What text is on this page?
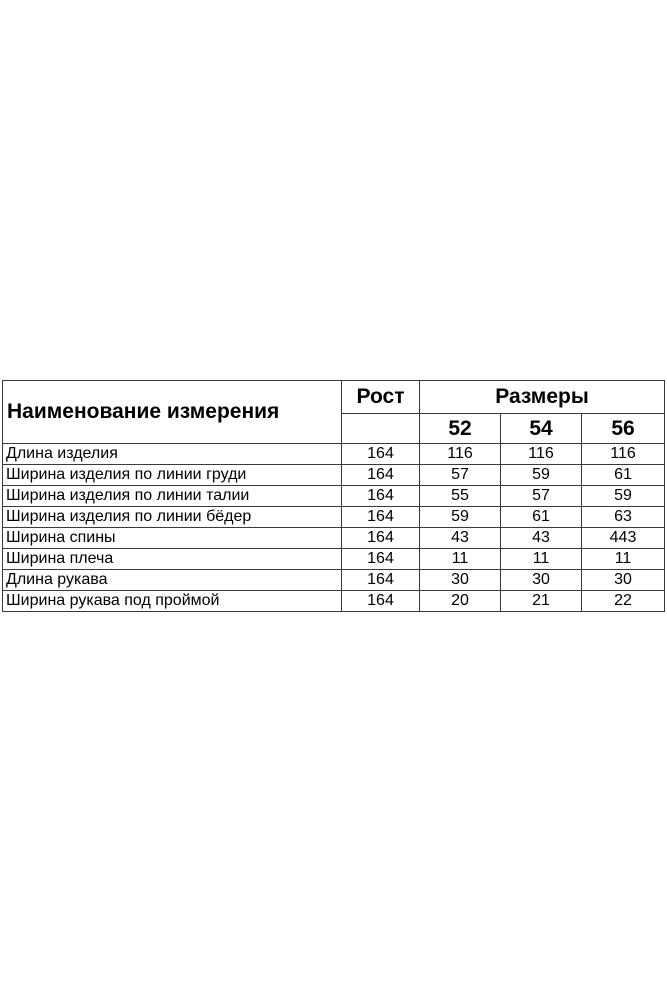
Наименование измерения	Рост	Размеры		
		52	54	56
Длина изделия	164	116	116	116
Ширина изделия по линии груди	164	57	59	61
Ширина изделия по линии талии	164	55	57	59
Ширина изделия по линии бёдер	164	59	61	63
Ширина спины	164	43	43	443
Ширина плеча	164	11	11	11
Длина рукава	164	30	30	30
Ширина рукава под проймой	164	20	21	22
